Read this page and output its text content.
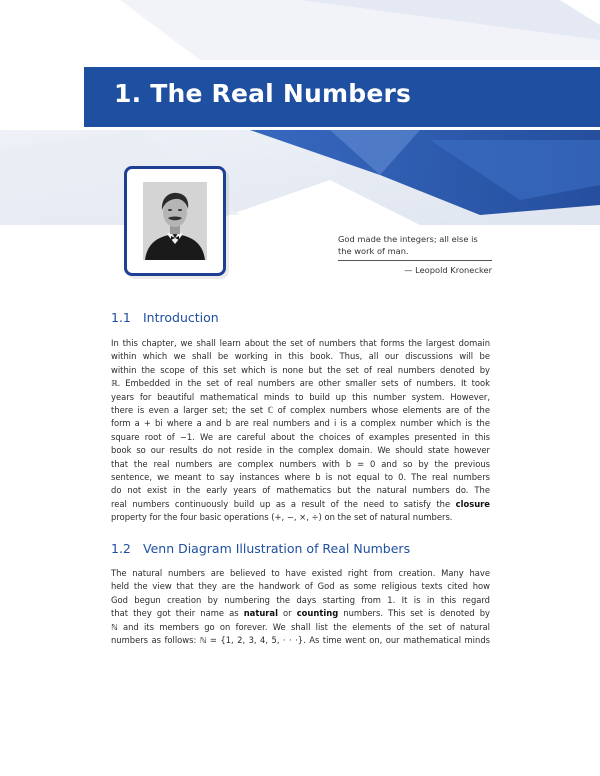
1. The Real Numbers

God made the integers; all else is the work of man.

— Leopold Kronecker

1.1 Introduction
In this chapter, we shall learn about the set of numbers that forms the largest domain
within which we shall be working in this book. Thus, all our discussions will be
within the scope of this set which is none but the set of real numbers denoted by
ℝ. Embedded in the set of real numbers are other smaller sets of numbers. It took
years for beautiful mathematical minds to build up this number system. However,
there is even a larger set; the set ℂ of complex numbers whose elements are of the
form a + bi where a and b are real numbers and i is a complex number which is the
square root of −1. We are careful about the choices of examples presented in this
book so our results do not reside in the complex domain. We should state however
that the real numbers are complex numbers with b = 0 and so by the previous
sentence, we meant to say instances where b is not equal to 0. The real numbers
do not exist in the early years of mathematics but the natural numbers do. The
real numbers continuously build up as a result of the need to satisfy the closure
property for the four basic operations (+, −, ×, ÷) on the set of natural numbers.
1.2 Venn Diagram Illustration of Real Numbers
The natural numbers are believed to have existed right from creation. Many have
held the view that they are the handwork of God as some religious texts cited how
God begun creation by numbering the days starting from 1. It is in this regard
that they got their name as natural or counting numbers. This set is denoted by
ℕ and its members go on forever. We shall list the elements of the set of natural
numbers as follows: ℕ = {1, 2, 3, 4, 5, · · ·}. As time went on, our mathematical minds
